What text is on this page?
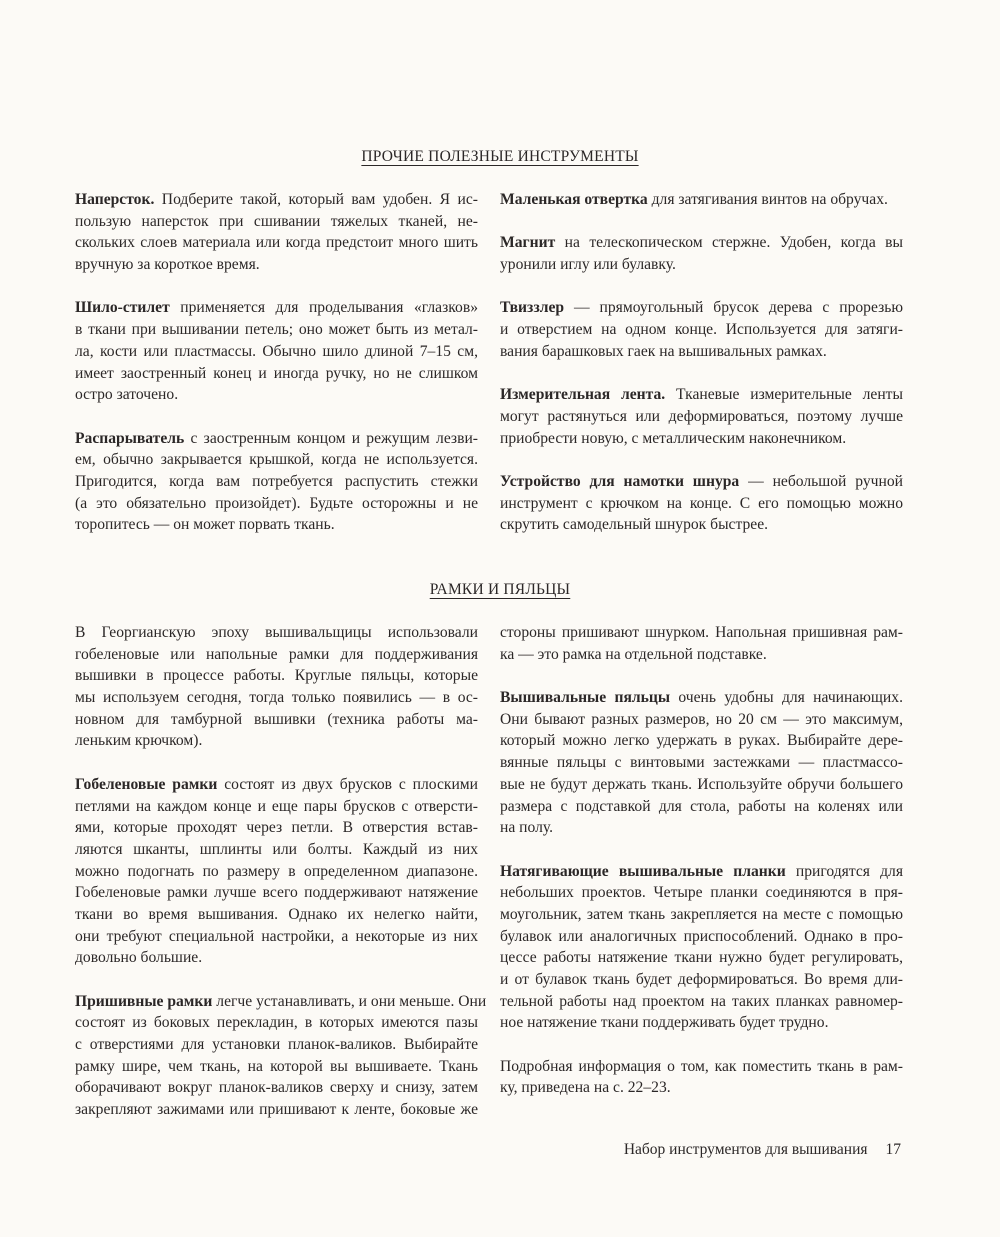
ПРОЧИЕ ПОЛЕЗНЫЕ ИНСТРУМЕНТЫ
Наперсток. Подберите такой, который вам удобен. Я ис-
пользую наперсток при сшивании тяжелых тканей, не-
скольких слоев материала или когда предстоит много шить
вручную за короткое время.
Шило-стилет применяется для проделывания «глазков»
в ткани при вышивании петель; оно может быть из метал-
ла, кости или пластмассы. Обычно шило длиной 7–15 см,
имеет заостренный конец и иногда ручку, но не слишком
остро заточено.
Распарыватель с заостренным концом и режущим лезви-
ем, обычно закрывается крышкой, когда не используется.
Пригодится, когда вам потребуется распустить стежки
(а это обязательно произойдет). Будьте осторожны и не
торопитесь — он может порвать ткань.
Маленькая отвертка для затягивания винтов на обручах.
Магнит на телескопическом стержне. Удобен, когда вы
уронили иглу или булавку.
Твиззлер — прямоугольный брусок дерева с прорезью
и отверстием на одном конце. Используется для затяги-
вания барашковых гаек на вышивальных рамках.
Измерительная лента. Тканевые измерительные ленты
могут растянуться или деформироваться, поэтому лучше
приобрести новую, с металлическим наконечником.
Устройство для намотки шнура — небольшой ручной
инструмент с крючком на конце. С его помощью можно
скрутить самодельный шнурок быстрее.
РАМКИ И ПЯЛЬЦЫ
В Георгианскую эпоху вышивальщицы использовали
гобеленовые или напольные рамки для поддерживания
вышивки в процессе работы. Круглые пяльцы, которые
мы используем сегодня, тогда только появились — в ос-
новном для тамбурной вышивки (техника работы ма-
леньким крючком).
Гобеленовые рамки состоят из двух брусков с плоскими
петлями на каждом конце и еще пары брусков с отверсти-
ями, которые проходят через петли. В отверстия встав-
ляются шканты, шплинты или болты. Каждый из них
можно подогнать по размеру в определенном диапазоне.
Гобеленовые рамки лучше всего поддерживают натяжение
ткани во время вышивания. Однако их нелегко найти,
они требуют специальной настройки, а некоторые из них
довольно большие.
Пришивные рамки легче устанавливать, и они меньше. Они
состоят из боковых перекладин, в которых имеются пазы
с отверстиями для установки планок-валиков. Выбирайте
рамку шире, чем ткань, на которой вы вышиваете. Ткань
оборачивают вокруг планок-валиков сверху и снизу, затем
закрепляют зажимами или пришивают к ленте, боковые же
стороны пришивают шнурком. Напольная пришивная рам-
ка — это рамка на отдельной подставке.
Вышивальные пяльцы очень удобны для начинающих.
Они бывают разных размеров, но 20 см — это максимум,
который можно легко удержать в руках. Выбирайте дере-
вянные пяльцы с винтовыми застежками — пластмассо-
вые не будут держать ткань. Используйте обручи большего
размера с подставкой для стола, работы на коленях или
на полу.
Натягивающие вышивальные планки пригодятся для
небольших проектов. Четыре планки соединяются в пря-
моугольник, затем ткань закрепляется на месте с помощью
булавок или аналогичных приспособлений. Однако в про-
цессе работы натяжение ткани нужно будет регулировать,
и от булавок ткань будет деформироваться. Во время дли-
тельной работы над проектом на таких планках равномер-
ное натяжение ткани поддерживать будет трудно.
Подробная информация о том, как поместить ткань в рам-
ку, приведена на с. 22–23.
Набор инструментов для вышивания 17
